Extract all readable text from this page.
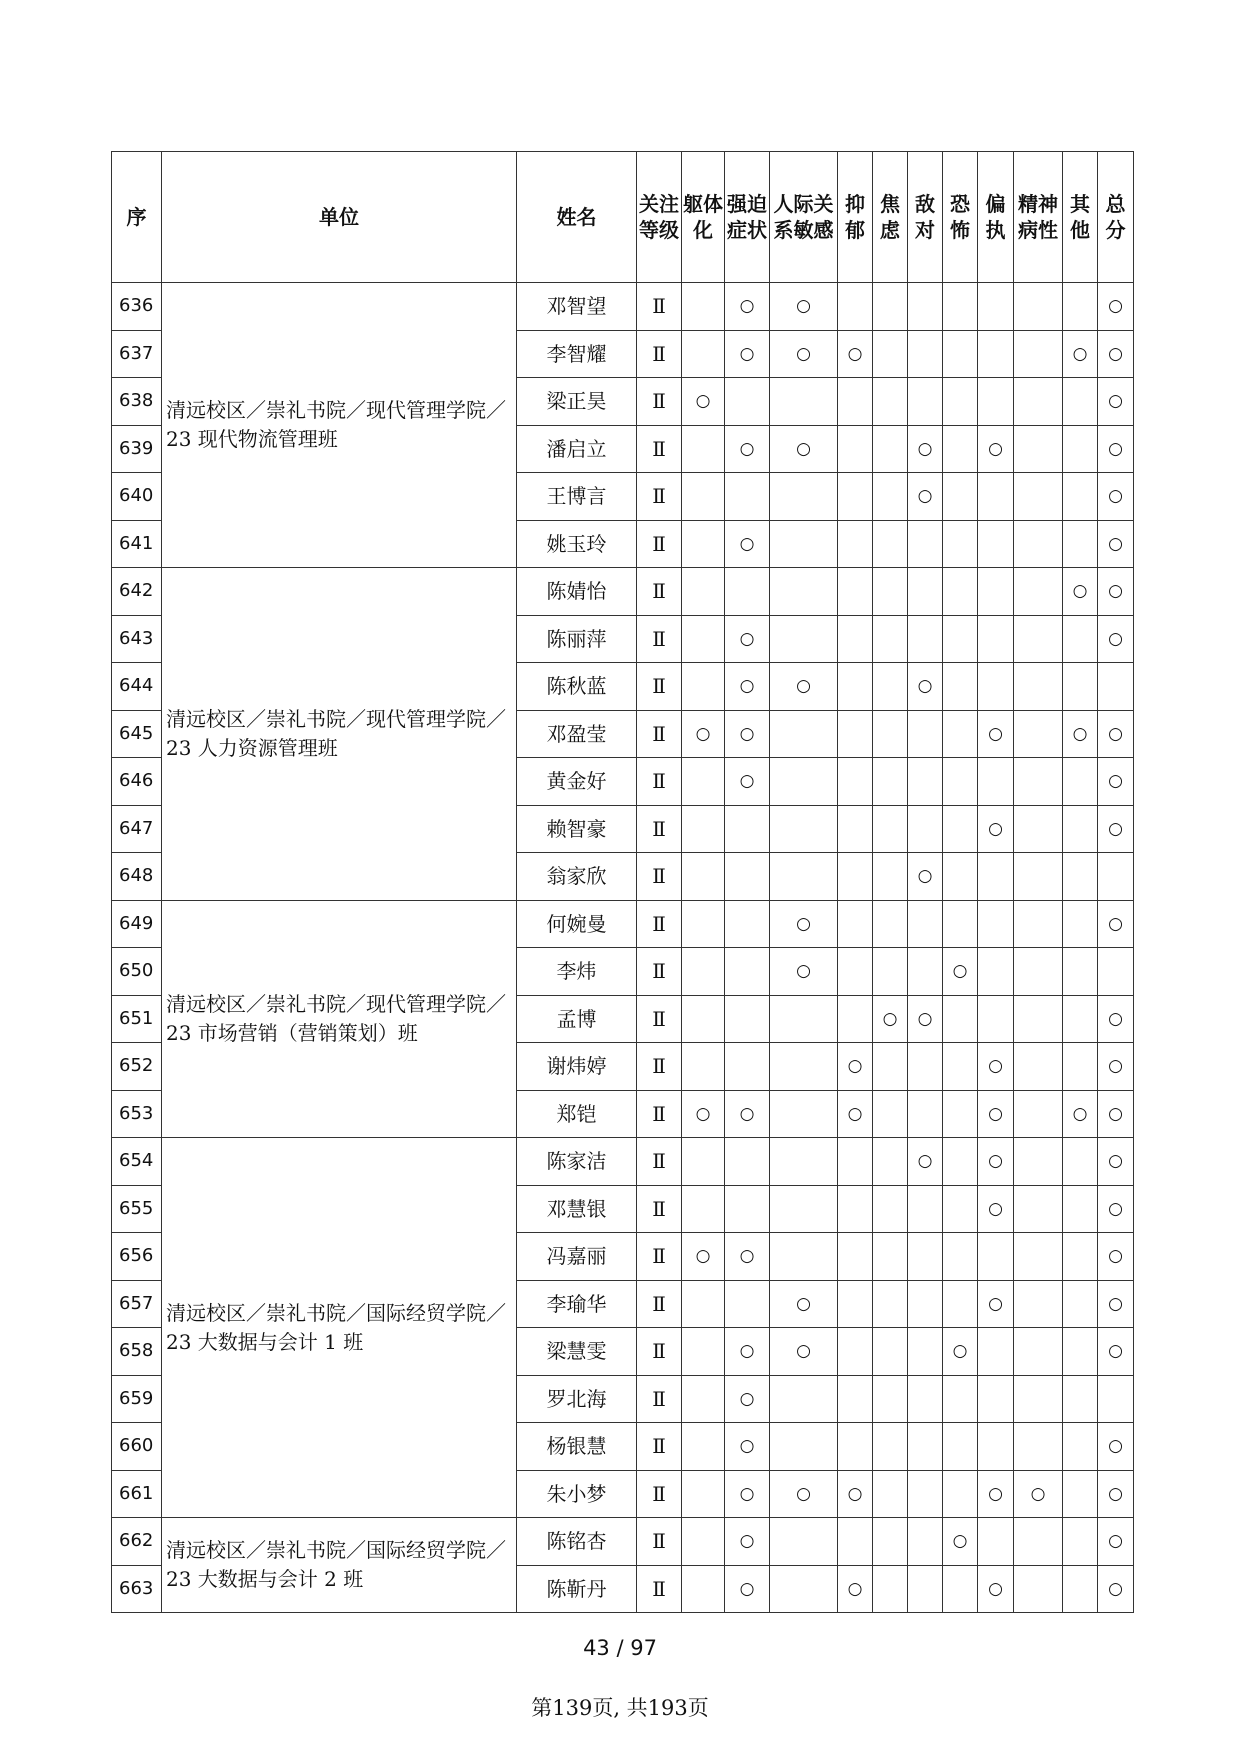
序	单位	姓名	关注等级	躯体化	强迫症状	人际关系敏感	抑郁	焦虑	敌对	恐怖	偏执	精神病性	其他	总分
636	清远校区／崇礼书院／现代管理学院／23 现代物流管理班	邓智望	Ⅱ		○	○								○
637		李智耀	Ⅱ		○	○	○						○	○
638		梁正昊	Ⅱ	○										○
639		潘启立	Ⅱ		○	○			○		○			○
640		王博言	Ⅱ						○					○
641		姚玉玲	Ⅱ		○									○
642	清远校区／崇礼书院／现代管理学院／23 人力资源管理班	陈婧怡	Ⅱ										○	○
643		陈丽萍	Ⅱ		○									○
644		陈秋蓝	Ⅱ		○	○			○					
645		邓盈莹	Ⅱ	○	○						○		○	○
646		黄金好	Ⅱ		○									○
647		赖智豪	Ⅱ								○			○
648		翁家欣	Ⅱ						○					
649	清远校区／崇礼书院／现代管理学院／23 市场营销（营销策划）班	何婉曼	Ⅱ			○								○
650		李炜	Ⅱ			○				○				
651		孟博	Ⅱ					○	○					○
652		谢炜婷	Ⅱ				○				○			○
653		郑铠	Ⅱ	○	○		○				○		○	○
654	清远校区／崇礼书院／国际经贸学院／23 大数据与会计 1 班	陈家洁	Ⅱ						○		○			○
655		邓慧银	Ⅱ								○			○
656		冯嘉丽	Ⅱ	○	○									○
657		李瑜华	Ⅱ			○					○			○
658		梁慧雯	Ⅱ		○	○				○				○
659		罗北海	Ⅱ		○									
660		杨银慧	Ⅱ		○									○
661		朱小梦	Ⅱ		○	○	○				○	○		○
662	清远校区／崇礼书院／国际经贸学院／23 大数据与会计 2 班	陈铭杏	Ⅱ		○					○				○
663		陈靳丹	Ⅱ		○		○				○			○
43 / 97
第139页, 共193页
